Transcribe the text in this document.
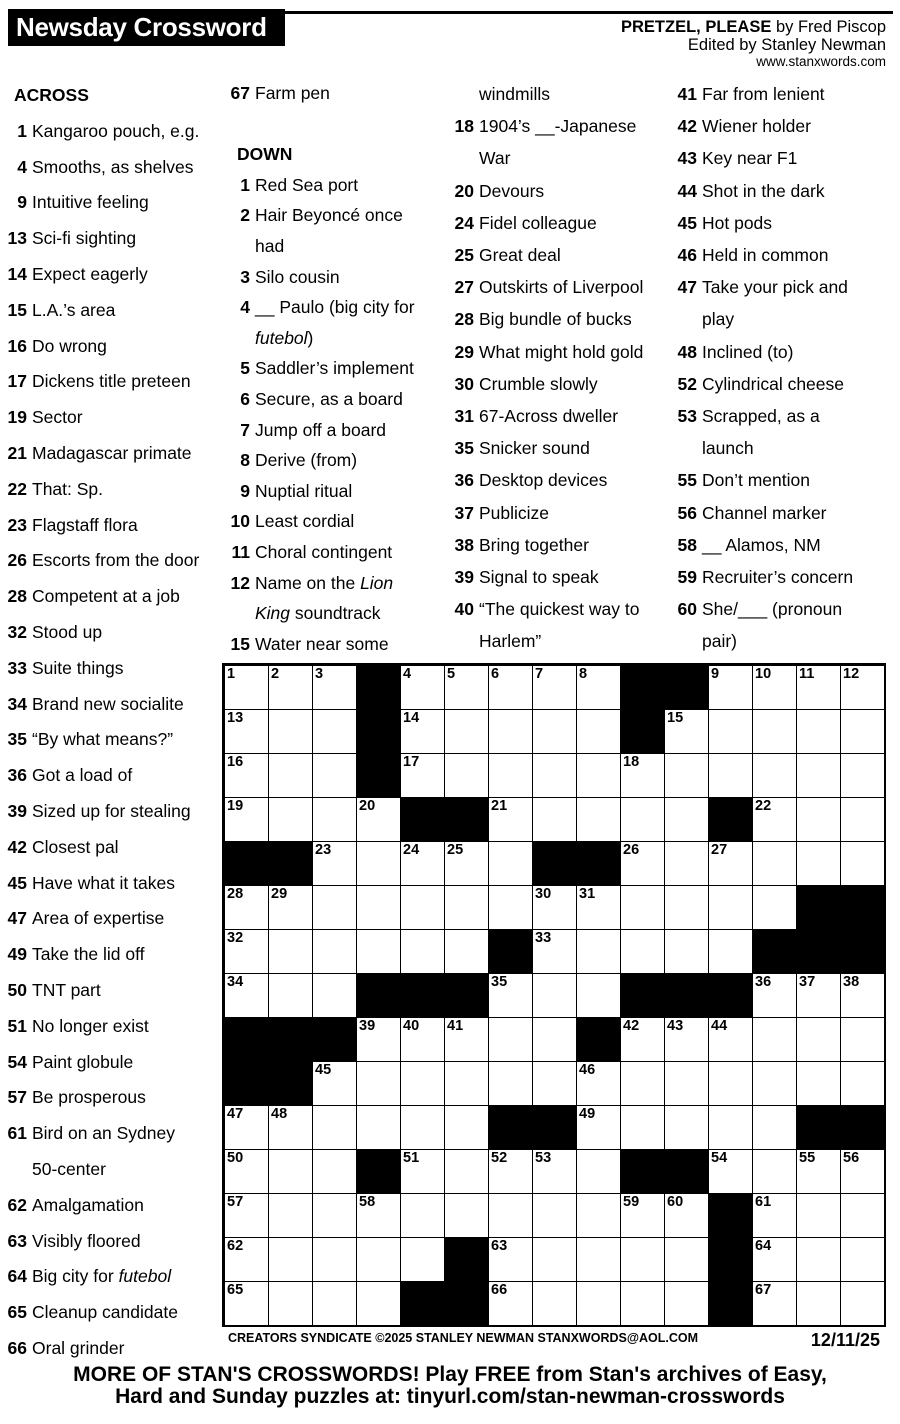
Newsday Crossword	PRETZEL, PLEASE by Fred Piscop
Edited by Stanley Newman
www.stanxwords.com
ACROSS
1 Kangaroo pouch, e.g.
4 Smooths, as shelves
9 Intuitive feeling
13 Sci-fi sighting
14 Expect eagerly
15 L.A.’s area
16 Do wrong
17 Dickens title preteen
19 Sector
21 Madagascar primate
22 That: Sp.
23 Flagstaff flora
26 Escorts from the door
28 Competent at a job
32 Stood up
33 Suite things
34 Brand new socialite
35 “By what means?”
36 Got a load of
39 Sized up for stealing
42 Closest pal
45 Have what it takes
47 Area of expertise
49 Take the lid off
50 TNT part
51 No longer exist
54 Paint globule
57 Be prosperous
61 Bird on an Sydney
50-center
62 Amalgamation
63 Visibly floored
64 Big city for futebol
65 Cleanup candidate
66 Oral grinder
67 Farm pen
DOWN
1 Red Sea port
2 Hair Beyoncé once
had
3 Silo cousin
4 __ Paulo (big city for
futebol)
5 Saddler’s implement
6 Secure, as a board
7 Jump off a board
8 Derive (from)
9 Nuptial ritual
10 Least cordial
11 Choral contingent
12 Name on the Lion
King soundtrack
15 Water near some
windmills
18 1904’s __-Japanese
War
20 Devours
24 Fidel colleague
25 Great deal
27 Outskirts of Liverpool
28 Big bundle of bucks
29 What might hold gold
30 Crumble slowly
31 67-Across dweller
35 Snicker sound
36 Desktop devices
37 Publicize
38 Bring together
39 Signal to speak
40 “The quickest way to
Harlem”
41 Far from lenient
42 Wiener holder
43 Key near F1
44 Shot in the dark
45 Hot pods
46 Held in common
47 Take your pick and
play
48 Inclined (to)
52 Cylindrical cheese
53 Scrapped, as a
launch
55 Don’t mention
56 Channel marker
58 __ Alamos, NM
59 Recruiter’s concern
60 She/___ (pronoun
pair)
1 2 3	4 5 6 7 8	9 10 11 12
13	14	15
16	17	18
19	20	21	22
23	24 25	26	27
28 29	30 31
32	33
34	35	36 37 38
39 40 41	42 43 44
45	46
47 48	49
50	51	52 53	54	55 56
57	58	59 60	61
62	63	64
65	66	67
CREATORS SYNDICATE ©2025 STANLEY NEWMAN STANXWORDS@AOL.COM	12/11/25
MORE OF STAN'S CROSSWORDS! Play FREE from Stan's archives of Easy,
Hard and Sunday puzzles at: tinyurl.com/stan-newman-crosswords
